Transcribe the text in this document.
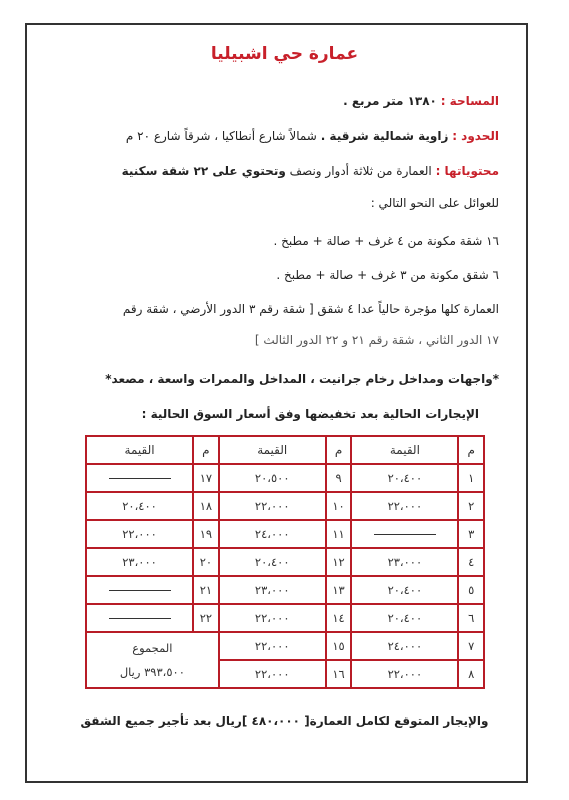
عمارة حي اشبيليا
المساحة : ١٣٨٠ متر مربع .
الحدود : زاوية شمالية شرقية . شمالاً شارع أنطاكيا ، شرقاً شارع ٢٠ م
محتوياتها : العمارة من ثلاثة أدوار ونصف وتحتوي على ٢٢ شقة سكنية
للعوائل على النحو التالي :
١٦ شقة مكونة من ٤ غرف + صالة + مطبخ .
٦ شقق مكونة من ٣ غرف + صالة + مطبخ .
العمارة كلها مؤجرة حالياً عدا ٤ شقق [ شقة رقم ٣ الدور الأرضي ، شقة رقم
١٧ الدور الثاني ، شقة رقم ٢١ و ٢٢ الدور الثالث ]
*واجهات ومداخل رخام جرانيت ، المداخل والممرات واسعة ، مصعد*
الإيجارات الحالية بعد تخفيضها وفق أسعار السوق الحالية :
م	القيمة	م	القيمة	م	القيمة
١	٢٠،٤٠٠	٩	٢٠،٥٠٠	١٧	
٢	٢٢،٠٠٠	١٠	٢٢،٠٠٠	١٨	٢٠،٤٠٠
٣		١١	٢٤،٠٠٠	١٩	٢٢،٠٠٠
٤	٢٣،٠٠٠	١٢	٢٠،٤٠٠	٢٠	٢٣،٠٠٠
٥	٢٠،٤٠٠	١٣	٢٣،٠٠٠	٢١	
٦	٢٠،٤٠٠	١٤	٢٢،٠٠٠	٢٢	
٧	٢٤،٠٠٠	١٥	٢٢،٠٠٠	المجموع
٣٩٣،٥٠٠ ريال	

٨	٢٢،٠٠٠	١٦	٢٢،٠٠٠		
والإيجار المتوقع لكامل العمارة[ ٤٨٠،٠٠٠ ]ريال بعد تأجير جميع الشقق
